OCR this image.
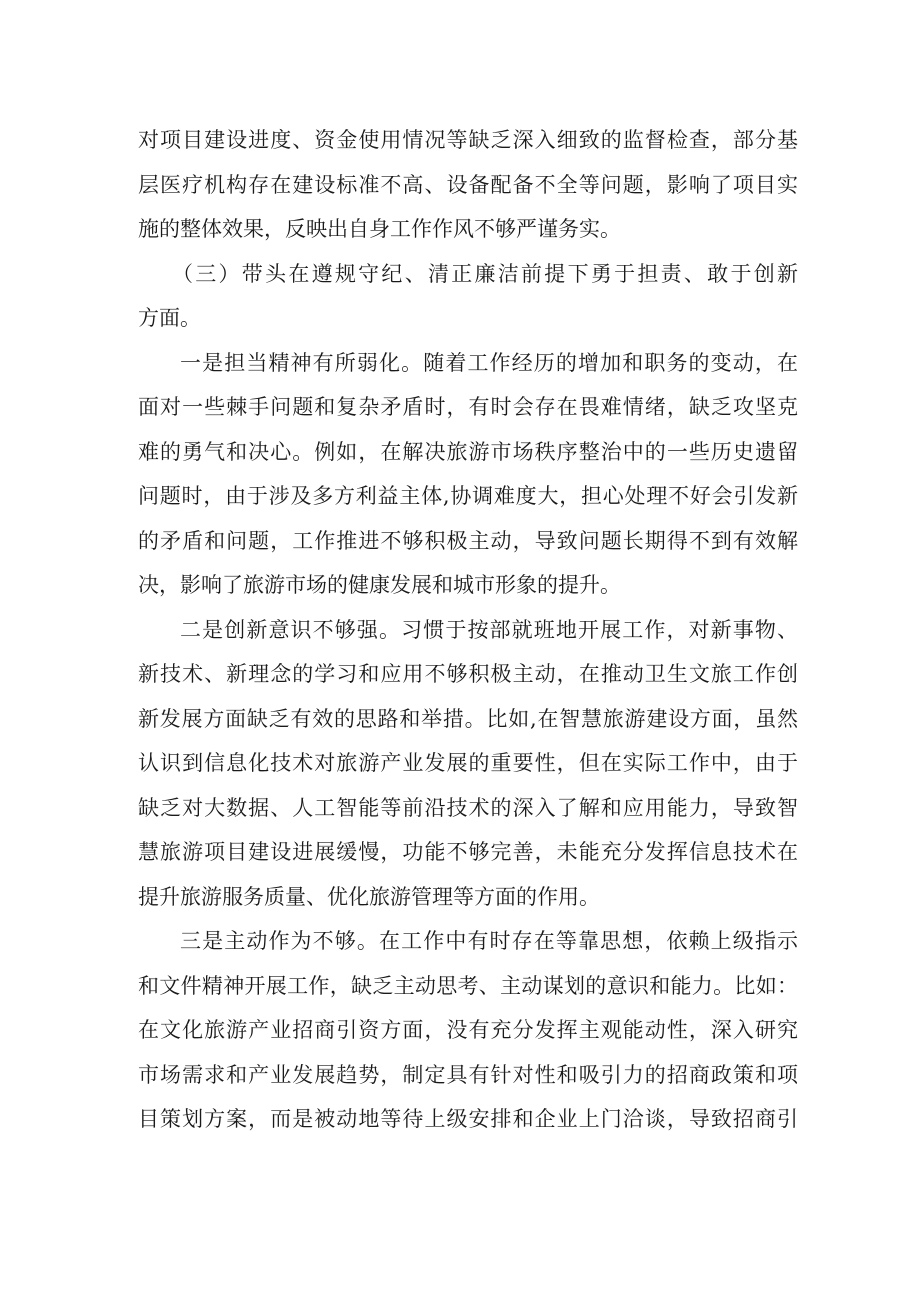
对项目建设进度、资金使用情况等缺乏深入细致的监督检查，部分基
层医疗机构存在建设标准不高、设备配备不全等问题，影响了项目实
施的整体效果，反映出自身工作作风不够严谨务实。
（三）带头在遵规守纪、清正廉洁前提下勇于担责、敢于创新
方面。
一是担当精神有所弱化。随着工作经历的增加和职务的变动，在
面对一些棘手问题和复杂矛盾时，有时会存在畏难情绪，缺乏攻坚克
难的勇气和决心。例如，在解决旅游市场秩序整治中的一些历史遗留
问题时，由于涉及多方利益主体,协调难度大，担心处理不好会引发新
的矛盾和问题，工作推进不够积极主动，导致问题长期得不到有效解
决，影响了旅游市场的健康发展和城市形象的提升。
二是创新意识不够强。习惯于按部就班地开展工作，对新事物、
新技术、新理念的学习和应用不够积极主动，在推动卫生文旅工作创
新发展方面缺乏有效的思路和举措。比如,在智慧旅游建设方面，虽然
认识到信息化技术对旅游产业发展的重要性，但在实际工作中，由于
缺乏对大数据、人工智能等前沿技术的深入了解和应用能力，导致智
慧旅游项目建设进展缓慢，功能不够完善，未能充分发挥信息技术在
提升旅游服务质量、优化旅游管理等方面的作用。
三是主动作为不够。在工作中有时存在等靠思想，依赖上级指示
和文件精神开展工作，缺乏主动思考、主动谋划的意识和能力。比如：
在文化旅游产业招商引资方面，没有充分发挥主观能动性，深入研究
市场需求和产业发展趋势，制定具有针对性和吸引力的招商政策和项
目策划方案，而是被动地等待上级安排和企业上门洽谈，导致招商引
